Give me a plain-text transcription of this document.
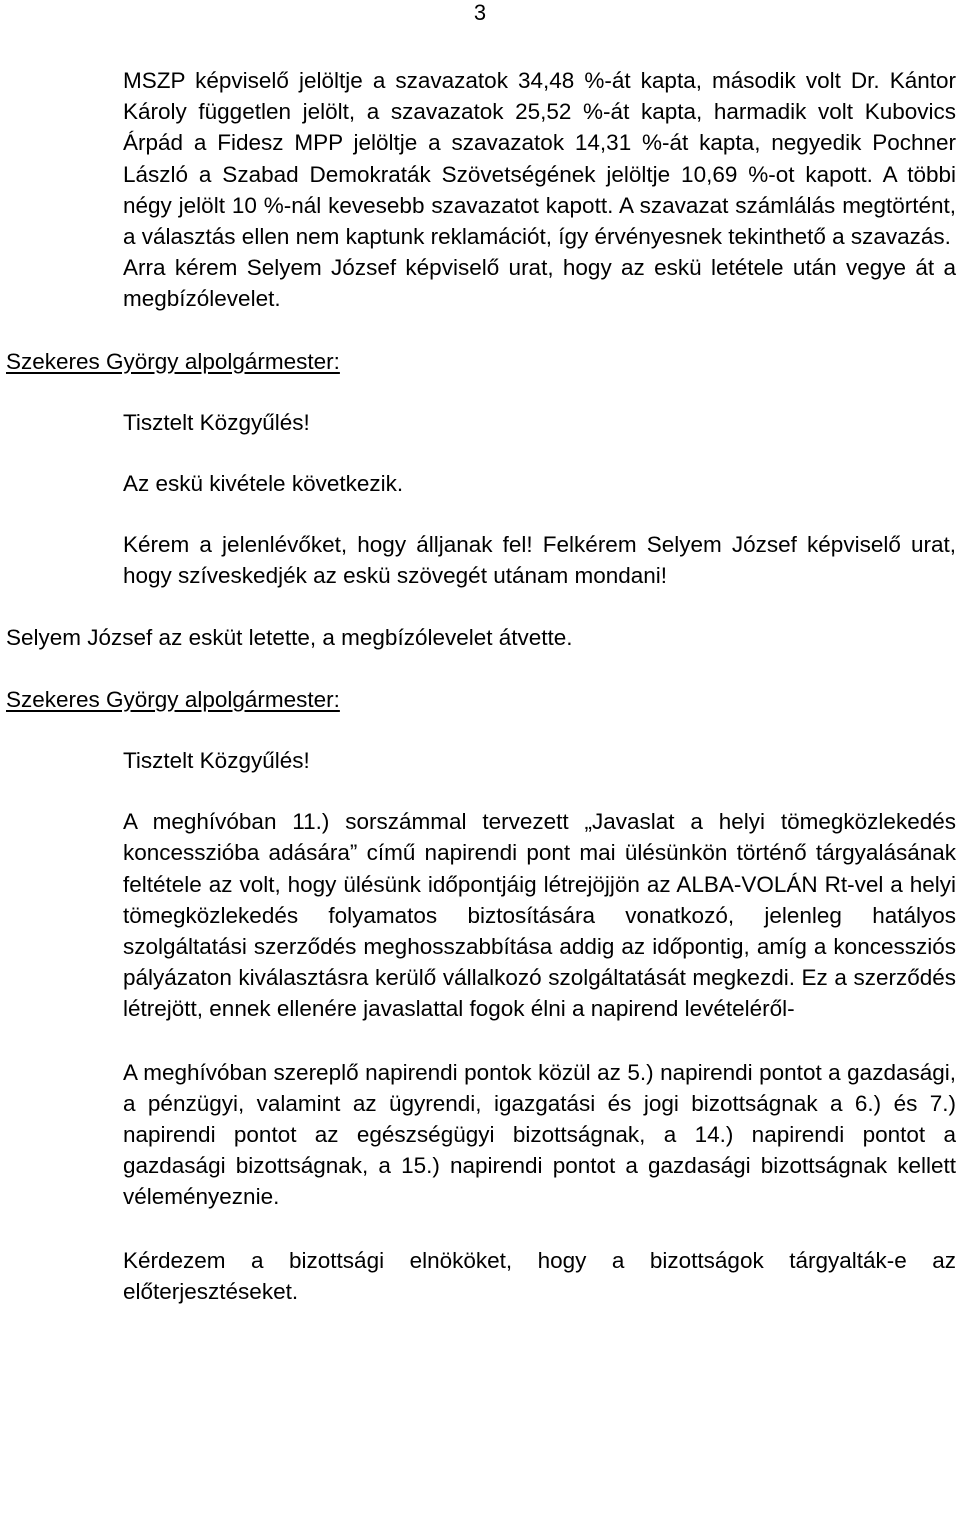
3

MSZP képviselő jelöltje a szavazatok 34,48 %-át kapta, második volt Dr. Kántor Károly független jelölt, a szavazatok 25,52 %-át kapta, harmadik volt Kubovics Árpád a Fidesz MPP jelöltje a szavazatok 14,31 %-át kapta, negyedik Pochner László a Szabad Demokraták Szövetségének jelöltje 10,69 %-ot kapott. A többi négy jelölt 10 %-nál kevesebb szavazatot kapott. A szavazat számlálás megtörtént, a választás ellen nem kaptunk reklamációt, így érvényesnek tekinthető a szavazás.

Arra kérem Selyem József képviselő urat, hogy az eskü letétele után vegye át a megbízólevelet.

Szekeres György alpolgármester:

Tisztelt Közgyűlés!

Az eskü kivétele következik.

Kérem a jelenlévőket, hogy álljanak fel! Felkérem Selyem József képviselő urat, hogy szíveskedjék az eskü szövegét utánam mondani!

Selyem József az esküt letette, a megbízólevelet átvette.

Szekeres György alpolgármester:

Tisztelt Közgyűlés!

A meghívóban 11.) sorszámmal tervezett „Javaslat a helyi tömegközlekedés koncesszióba adására” című napirendi pont mai ülésünkön történő tárgyalásának feltétele az volt, hogy ülésünk időpontjáig létrejöjjön az ALBA-VOLÁN Rt-vel a helyi tömegközlekedés folyamatos biztosítására vonatkozó, jelenleg hatályos szolgáltatási szerződés meghosszabbítása addig az időpontig, amíg a koncessziós pályázaton kiválasztásra kerülő vállalkozó szolgáltatását megkezdi. Ez a szerződés létrejött, ennek ellenére javaslattal fogok élni a napirend levételéről-

A meghívóban szereplő napirendi pontok közül az 5.) napirendi pontot a gazdasági, a pénzügyi, valamint az ügyrendi, igazgatási és jogi bizottságnak a 6.) és 7.) napirendi pontot az egészségügyi bizottságnak, a 14.) napirendi pontot a gazdasági bizottságnak, a 15.) napirendi pontot a gazdasági bizottságnak kellett véleményeznie.

Kérdezem a bizottsági elnököket, hogy a bizottságok tárgyalták-e az előterjesztéseket.
